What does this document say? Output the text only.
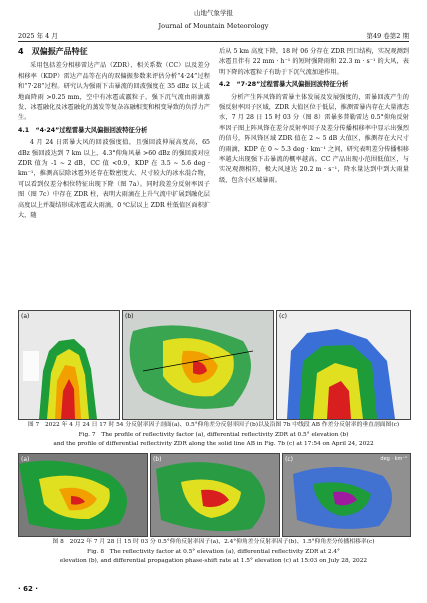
山地气象学报
Journal of Mountain Meteorology
2025 年 4 月	第49 卷第2 期
4　双偏振产品特征

采用包括差分相移雷达产品（ZDR）、相关系数（CC）以及差分相移率（KDP）雷达产品等在内的双偏振参数来评估分析“4·24”过程和“7·28”过程。研究认为强雨下击暴流的回波强度在 35 dBz 以上或地面降雨 >0.25 mm，空中有冰雹或霰粒子，强下沉气流由雨滴蒸发、冰雹融化及冰雹融化的蒸发等复杂冻融相变和相变导致的负浮力产生。

4.1　“4·24”过程雷暴大风偏振回波特征分析

4 月 24 日雷暴大风的回波强度值，且强回波伸展高度高，65 dBz 强回波达到 7 km 以上，4.3°仰角风暴 >60 dBz 的强回波对应 ZDR 值为 -1 ~ 2 dB，CC 值 <0.9，KDP 在 3.5 ~ 5.6 deg · km⁻¹，推测高层除冰雹外还存在数密度大、尺寸较大的冰水混合物，可以看到仅差分相位特征出现下降（图 7a）。同时段差分反射率因子图（图 7c）中存在 ZDR 柱，表明大雨滴在上升气流中扩展到融化层高度以上并凝结形成冰雹或大雨滴，0 ℃层以上 ZDR 柱低值区面积扩大，随

后从 5 km 高度下降，18 时 06 分存在 ZDR 凹口结构，实况观测到冰雹且伴有 22 mm · h⁻¹ 的短时强降雨和 22.3 m · s⁻¹ 的大风，表明下降的冰雹粒子有助于下沉气流加速作用。

4.2　“7·28”过程雷暴大风偏振回波特征分析

分析产生阵风锋的雷暴主体发展及发展强度的，雷暴回波产生的强反射率因子区域，ZDR 大值区位于低层，推测雷暴内存在大量液态水，7 月 28 日 15 时 03 分（图 8）雷暴多普勒雷达 0.5°仰角反射率因子图上阵风锋在差分反射率因子及差分传播相移率中显示出强烈的信号，阵风锋区域 ZDR 值在 2 ~ 5 dB 大值区，推测存在大尺寸的雨滴，KDP 在 0 ~ 5.3 deg · km⁻¹ 之间，研究表明差分传播相移率越大出现强下击暴流的概率越高。CC 产品出现小范围低值区，与实况观测相符，极大风速达 20.2 m · s⁻¹，降水量达到中到大雨量级，包含小区域暴雨。

(a)	(b)	(c)
图 7　2022 年 4 月 24 日 17 时 54 分反射率因子剖面(a)、0.5°仰角差分反射率因子(b)以及沿图 7b 中线段 AB 作差分反射率的垂直剖面图(c)
Fig. 7　The profile of reflectivity factor (a), differential reflectivity ZDR at 0.5° elevation (b)
and the profile of differential reflectivity ZDR along the solid line AB in Fig. 7b (c) at 17:54 on April 24, 2022
(a)	(b)	(c)	deg · km⁻¹
图 8　2022 年 7 月 28 日 15 时 03 分 0.5°仰角反射率因子(a)、2.4°仰角差分反射率因子(b)、1.5°仰角差分传播相移率(c)
Fig. 8　The reflectivity factor at 0.5° elevation (a), differential reflectivity ZDR at 2.4°
elevation (b), and differential propagation phase-shift rate at 1.5° elevation (c) at 15:03 on July 28, 2022
· 62 ·
